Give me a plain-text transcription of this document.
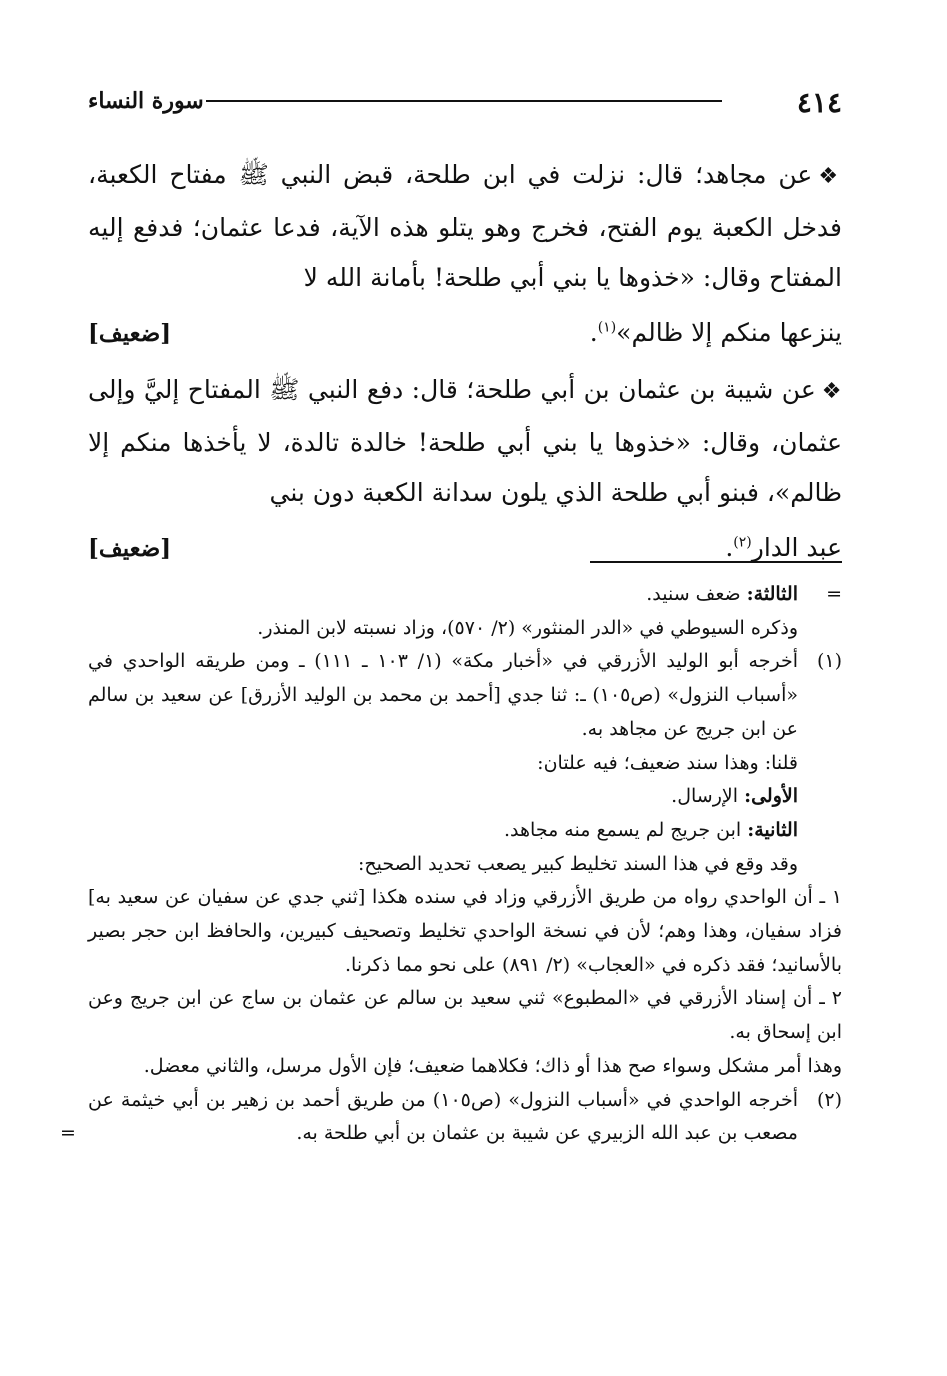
٤١٤
سورة النساء

❖عن مجاهد؛ قال: نزلت في ابن طلحة، قبض النبي ﷺ مفتاح الكعبة، فدخل الكعبة يوم الفتح، فخرج وهو يتلو هذه الآية، فدعا عثمان؛ فدفع إليه المفتاح وقال: «خذوها يا بني أبي طلحة! بأمانة الله لا

ينزعها منكم إلا ظالم»$^{(١)}$.
[ضعيف]

❖عن شيبة بن عثمان بن أبي طلحة؛ قال: دفع النبي ﷺ المفتاح إليَّ وإلى عثمان، وقال: «خذوها يا بني أبي طلحة! خالدة تالدة، لا يأخذها منكم إلا ظالم»، فبنو أبي طلحة الذي يلون سدانة الكعبة دون بني

عبد الدار$^{(٢)}$.
[ضعيف]

=
الثالثة: ضعف سنيد.
وذكره السيوطي في «الدر المنثور» (٢/ ٥٧٠)، وزاد نسبته لابن المنذر.
(١)
أخرجه أبو الوليد الأزرقي في «أخبار مكة» (١/ ١٠٣ ـ ١١١) ـ ومن طريقه الواحدي في «أسباب النزول» (ص١٠٥) ـ: ثنا جدي [أحمد بن محمد بن الوليد الأزرق] عن سعيد بن سالم عن ابن جريج عن مجاهد به.
قلنا: وهذا سند ضعيف؛ فيه علتان:
الأولى: الإرسال.
الثانية: ابن جريج لم يسمع منه مجاهد.
وقد وقع في هذا السند تخليط كبير يصعب تحديد الصحيح:
١ ـ أن الواحدي رواه من طريق الأزرقي وزاد في سنده هكذا [ثني جدي عن سفيان عن سعيد به] فزاد سفيان، وهذا وهم؛ لأن في نسخة الواحدي تخليط وتصحيف كبيرين، والحافظ ابن حجر بصير بالأسانيد؛ فقد ذكره في «العجاب» (٢/ ٨٩١) على نحو مما ذكرنا.
٢ ـ أن إسناد الأزرقي في «المطبوع» ثني سعيد بن سالم عن عثمان بن ساج عن ابن جريج وعن ابن إسحاق به.
وهذا أمر مشكل وسواء صح هذا أو ذاك؛ فكلاهما ضعيف؛ فإن الأول مرسل، والثاني معضل.
(٢)
أخرجه الواحدي في «أسباب النزول» (ص١٠٥) من طريق أحمد بن زهير بن أبي خيثمة عن مصعب بن عبد الله الزبيري عن شيبة بن عثمان بن أبي طلحة به.
=
